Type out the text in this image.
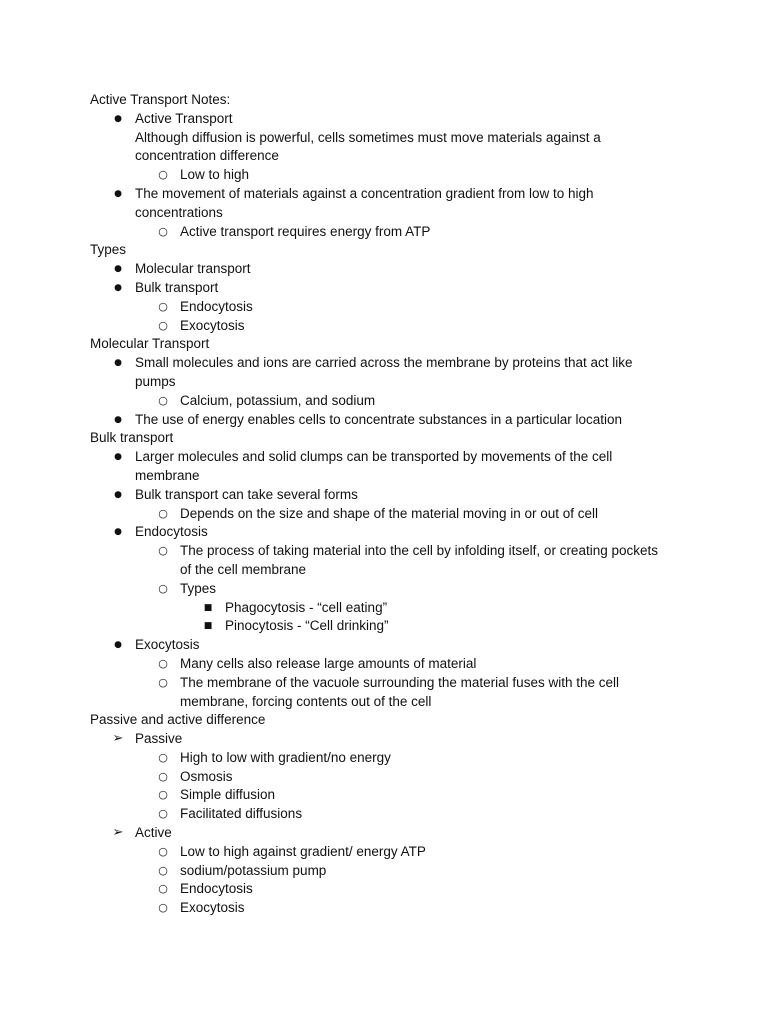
Active Transport Notes:
● Active Transport
Although diffusion is powerful, cells sometimes must move materials against a
concentration difference
○ Low to high
● The movement of materials against a concentration gradient from low to high
concentrations
○ Active transport requires energy from ATP
Types
● Molecular transport
● Bulk transport
○ Endocytosis
○ Exocytosis
Molecular Transport
● Small molecules and ions are carried across the membrane by proteins that act like
pumps
○ Calcium, potassium, and sodium
● The use of energy enables cells to concentrate substances in a particular location
Bulk transport
● Larger molecules and solid clumps can be transported by movements of the cell
membrane
● Bulk transport can take several forms
○ Depends on the size and shape of the material moving in or out of cell
● Endocytosis
○ The process of taking material into the cell by infolding itself, or creating pockets
of the cell membrane
○ Types
■ Phagocytosis - “cell eating”
■ Pinocytosis - “Cell drinking”
● Exocytosis
○ Many cells also release large amounts of material
○ The membrane of the vacuole surrounding the material fuses with the cell
membrane, forcing contents out of the cell
Passive and active difference
➢ Passive
○ High to low with gradient/no energy
○ Osmosis
○ Simple diffusion
○ Facilitated diffusions
➢ Active
○ Low to high against gradient/ energy ATP
○ sodium/potassium pump
○ Endocytosis
○ Exocytosis
